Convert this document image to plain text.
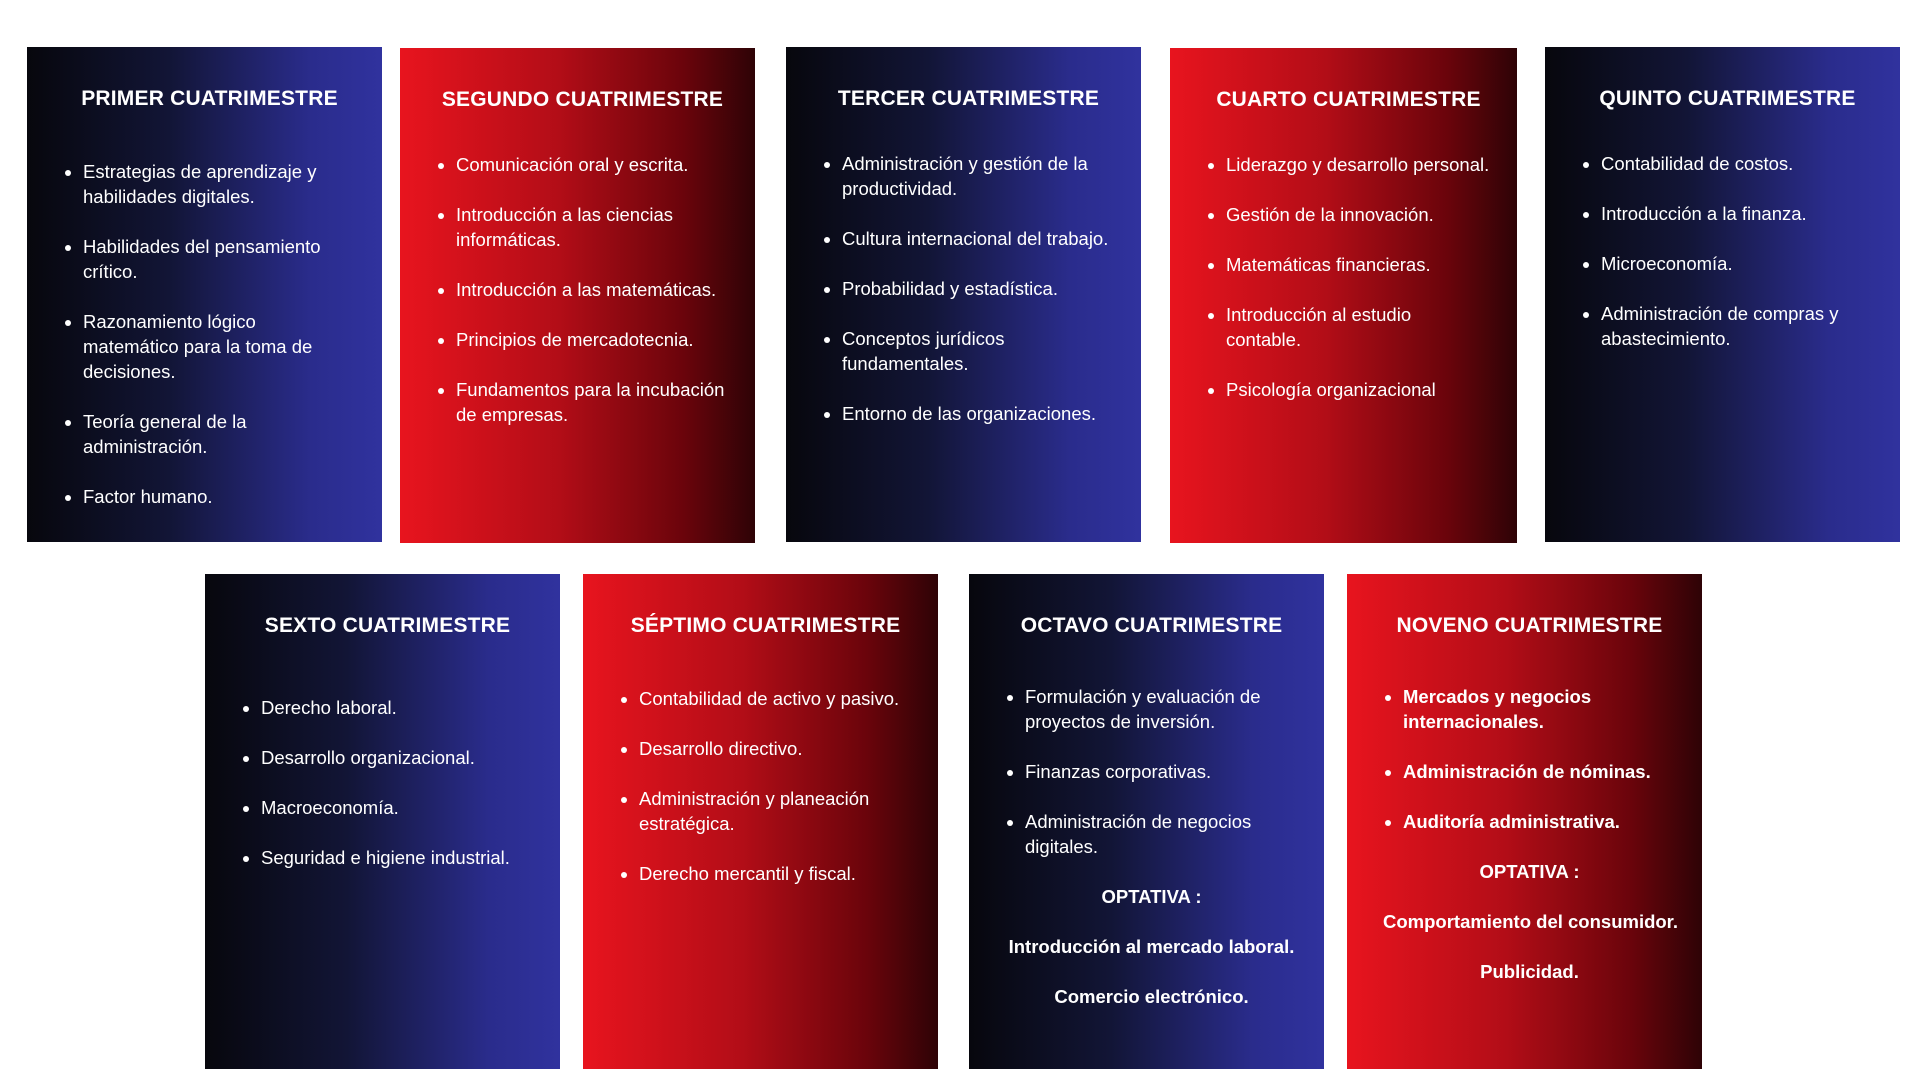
PRIMER CUATRIMESTRE
• Estrategias de aprendizaje y habilidades digitales.
• Habilidades del pensamiento crítico.
• Razonamiento lógico matemático para la toma de decisiones.
• Teoría general de la administración.
• Factor humano.
SEGUNDO CUATRIMESTRE
• Comunicación oral y escrita.
• Introducción a las ciencias informáticas.
• Introducción a las matemáticas.
• Principios de mercadotecnia.
• Fundamentos para la incubación de empresas.
TERCER CUATRIMESTRE
• Administración y gestión de la productividad.
• Cultura internacional del trabajo.
• Probabilidad y estadística.
• Conceptos jurídicos fundamentales.
• Entorno de las organizaciones.
CUARTO CUATRIMESTRE
• Liderazgo y desarrollo personal.
• Gestión de la innovación.
• Matemáticas financieras.
• Introducción al estudio contable.
• Psicología organizacional
QUINTO CUATRIMESTRE
• Contabilidad de costos.
• Introducción a la finanza.
• Microeconomía.
• Administración de compras y abastecimiento.
SEXTO CUATRIMESTRE
• Derecho laboral.
• Desarrollo organizacional.
• Macroeconomía.
• Seguridad e higiene industrial.
SÉPTIMO CUATRIMESTRE
• Contabilidad de activo y pasivo.
• Desarrollo directivo.
• Administración y planeación estratégica.
• Derecho mercantil y fiscal.
OCTAVO CUATRIMESTRE
• Formulación y evaluación de proyectos de inversión.
• Finanzas corporativas.
• Administración de negocios digitales.

OPTATIVA :

Introducción al mercado laboral.

Comercio electrónico.

NOVENO CUATRIMESTRE
• Mercados y negocios internacionales.
• Administración de nóminas.
• Auditoría administrativa.

OPTATIVA :

Comportamiento del consumidor.

Publicidad.
